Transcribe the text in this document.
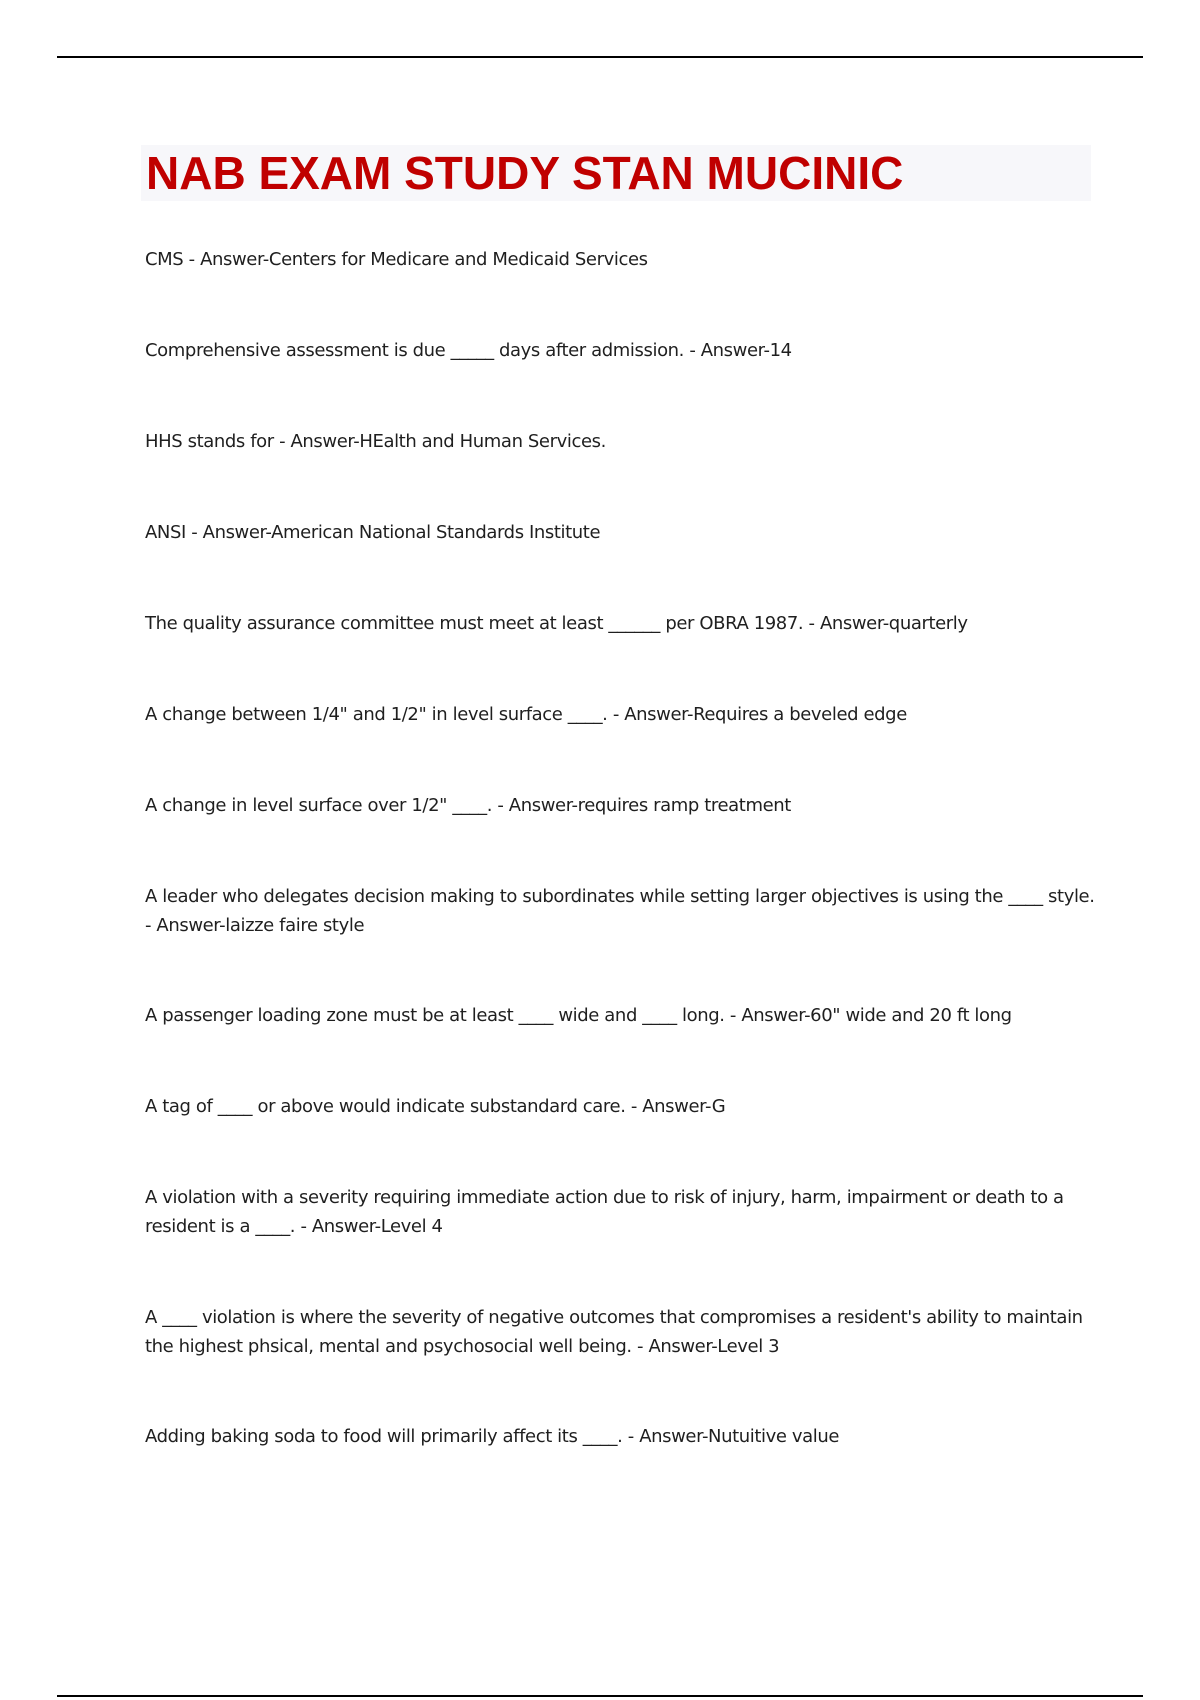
NAB EXAM STUDY STAN MUCINIC

CMS - Answer-Centers for Medicare and Medicaid Services

Comprehensive assessment is due _____ days after admission. - Answer-14

HHS stands for - Answer-HEalth and Human Services.

ANSI - Answer-American National Standards Institute

The quality assurance committee must meet at least ______ per OBRA 1987. - Answer-quarterly

A change between 1/4" and 1/2" in level surface ____. - Answer-Requires a beveled edge

A change in level surface over 1/2" ____. - Answer-requires ramp treatment

A leader who delegates decision making to subordinates while setting larger objectives is using the ____ style. - Answer-laizze faire style

A passenger loading zone must be at least ____ wide and ____ long. - Answer-60" wide and 20 ft long

A tag of ____ or above would indicate substandard care. - Answer-G

A violation with a severity requiring immediate action due to risk of injury, harm, impairment or death to a resident is a ____. - Answer-Level 4

A ____ violation is where the severity of negative outcomes that compromises a resident's ability to maintain the highest phsical, mental and psychosocial well being. - Answer-Level 3

Adding baking soda to food will primarily affect its ____. - Answer-Nutuitive value
